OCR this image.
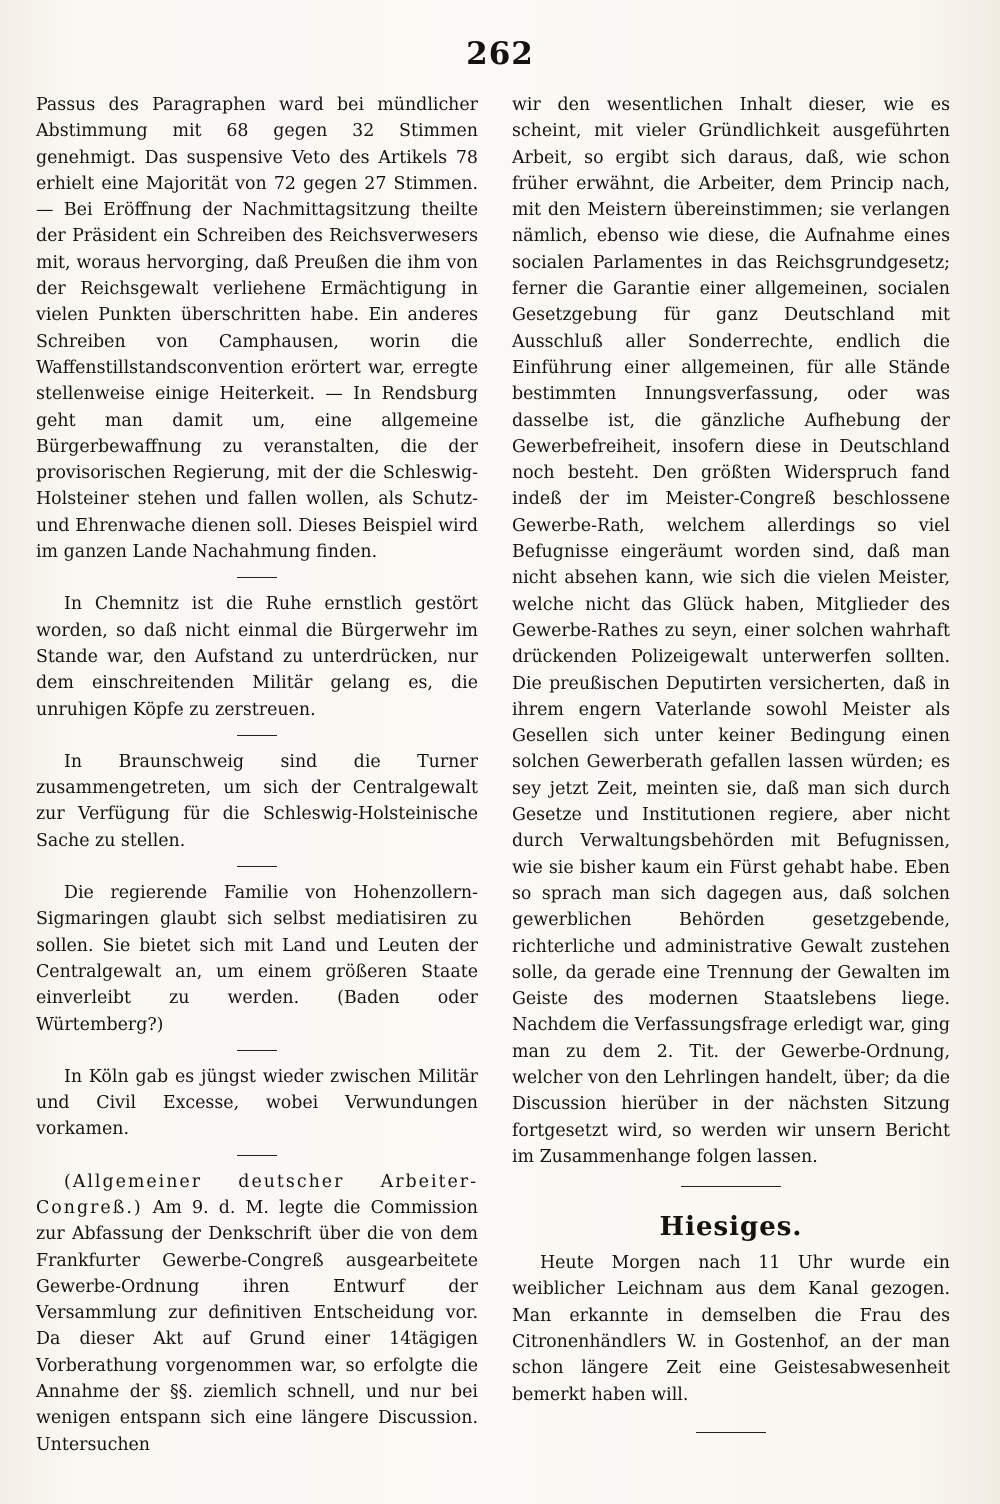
262

Passus des Paragraphen ward bei mündlicher Abstimmung mit 68 gegen 32 Stimmen genehmigt. Das suspensive Veto des Artikels 78 erhielt eine Majorität von 72 gegen 27 Stimmen. — Bei Eröffnung der Nachmittagsitzung theilte der Präsident ein Schreiben des Reichsverwesers mit, woraus hervorging, daß Preußen die ihm von der Reichsgewalt verliehene Ermächtigung in vielen Punkten überschritten habe. Ein anderes Schreiben von Camphausen, worin die Waffenstillstandsconvention erörtert war, erregte stellenweise einige Heiterkeit. — In Rendsburg geht man damit um, eine allgemeine Bürgerbewaffnung zu veranstalten, die der provisorischen Regierung, mit der die Schleswig-Holsteiner stehen und fallen wollen, als Schutz- und Ehrenwache dienen soll. Dieses Beispiel wird im ganzen Lande Nachahmung finden.

In Chemnitz ist die Ruhe ernstlich gestört worden, so daß nicht einmal die Bürgerwehr im Stande war, den Aufstand zu unterdrücken, nur dem einschreitenden Militär gelang es, die unruhigen Köpfe zu zerstreuen.

In Braunschweig sind die Turner zusammengetreten, um sich der Centralgewalt zur Verfügung für die Schleswig-Holsteinische Sache zu stellen.

Die regierende Familie von Hohenzollern-Sigmaringen glaubt sich selbst mediatisiren zu sollen. Sie bietet sich mit Land und Leuten der Centralgewalt an, um einem größeren Staate einverleibt zu werden. (Baden oder Würtemberg?)

In Köln gab es jüngst wieder zwischen Militär und Civil Excesse, wobei Verwundungen vorkamen.

(Allgemeiner deutscher Arbeiter-Congreß.) Am 9. d. M. legte die Commission zur Abfassung der Denkschrift über die von dem Frankfurter Gewerbe-Congreß ausgearbeitete Gewerbe-Ordnung ihren Entwurf der Versammlung zur definitiven Entscheidung vor. Da dieser Akt auf Grund einer 14tägigen Vorberathung vorgenommen war, so erfolgte die Annahme der §§. ziemlich schnell, und nur bei wenigen entspann sich eine längere Discussion. Untersuchen

wir den wesentlichen Inhalt dieser, wie es scheint, mit vieler Gründlichkeit ausgeführten Arbeit, so ergibt sich daraus, daß, wie schon früher erwähnt, die Arbeiter, dem Princip nach, mit den Meistern übereinstimmen; sie verlangen nämlich, ebenso wie diese, die Aufnahme eines socialen Parlamentes in das Reichsgrundgesetz; ferner die Garantie einer allgemeinen, socialen Gesetzgebung für ganz Deutschland mit Ausschluß aller Sonderrechte, endlich die Einführung einer allgemeinen, für alle Stände bestimmten Innungsverfassung, oder was dasselbe ist, die gänzliche Aufhebung der Gewerbefreiheit, insofern diese in Deutschland noch besteht. Den größten Widerspruch fand indeß der im Meister-Congreß beschlossene Gewerbe-Rath, welchem allerdings so viel Befugnisse eingeräumt worden sind, daß man nicht absehen kann, wie sich die vielen Meister, welche nicht das Glück haben, Mitglieder des Gewerbe-Rathes zu seyn, einer solchen wahrhaft drückenden Polizeigewalt unterwerfen sollten. Die preußischen Deputirten versicherten, daß in ihrem engern Vaterlande sowohl Meister als Gesellen sich unter keiner Bedingung einen solchen Gewerberath gefallen lassen würden; es sey jetzt Zeit, meinten sie, daß man sich durch Gesetze und Institutionen regiere, aber nicht durch Verwaltungsbehörden mit Befugnissen, wie sie bisher kaum ein Fürst gehabt habe. Eben so sprach man sich dagegen aus, daß solchen gewerblichen Behörden gesetzgebende, richterliche und administrative Gewalt zustehen solle, da gerade eine Trennung der Gewalten im Geiste des modernen Staatslebens liege. Nachdem die Verfassungsfrage erledigt war, ging man zu dem 2. Tit. der Gewerbe-Ordnung, welcher von den Lehrlingen handelt, über; da die Discussion hierüber in der nächsten Sitzung fortgesetzt wird, so werden wir unsern Bericht im Zusammenhange folgen lassen.

Hiesiges.

Heute Morgen nach 11 Uhr wurde ein weiblicher Leichnam aus dem Kanal gezogen. Man erkannte in demselben die Frau des Citronenhändlers W. in Gostenhof, an der man schon längere Zeit eine Geistesabwesenheit bemerkt haben will.
